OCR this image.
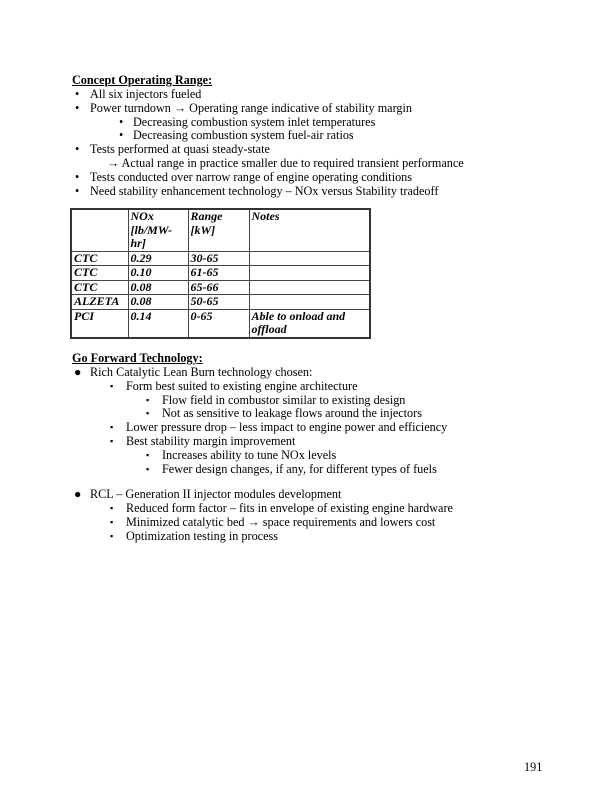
Concept Operating Range:
• All six injectors fueled
• Power turndown → Operating range indicative of stability margin
• Decreasing combustion system inlet temperatures
• Decreasing combustion system fuel-air ratios
• Tests performed at quasi steady-state
→ Actual range in practice smaller due to required transient performance
• Tests conducted over narrow range of engine operating conditions
• Need stability enhancement technology – NOx versus Stability tradeoff
	NOx [lb/MW-hr]	Range [kW]	Notes
CTC	0.29	30-65	
CTC	0.10	61-65	
CTC	0.08	65-66	
ALZETA	0.08	50-65	
PCI	0.14	0-65	Able to onload and offload
Go Forward Technology:
● Rich Catalytic Lean Burn technology chosen:
▪ Form best suited to existing engine architecture
▪ Flow field in combustor similar to existing design
▪ Not as sensitive to leakage flows around the injectors
▪ Lower pressure drop – less impact to engine power and efficiency
▪ Best stability margin improvement
▪ Increases ability to tune NOx levels
▪ Fewer design changes, if any, for different types of fuels
● RCL – Generation II injector modules development
▪ Reduced form factor – fits in envelope of existing engine hardware
▪ Minimized catalytic bed → space requirements and lowers cost
▪ Optimization testing in process
191
